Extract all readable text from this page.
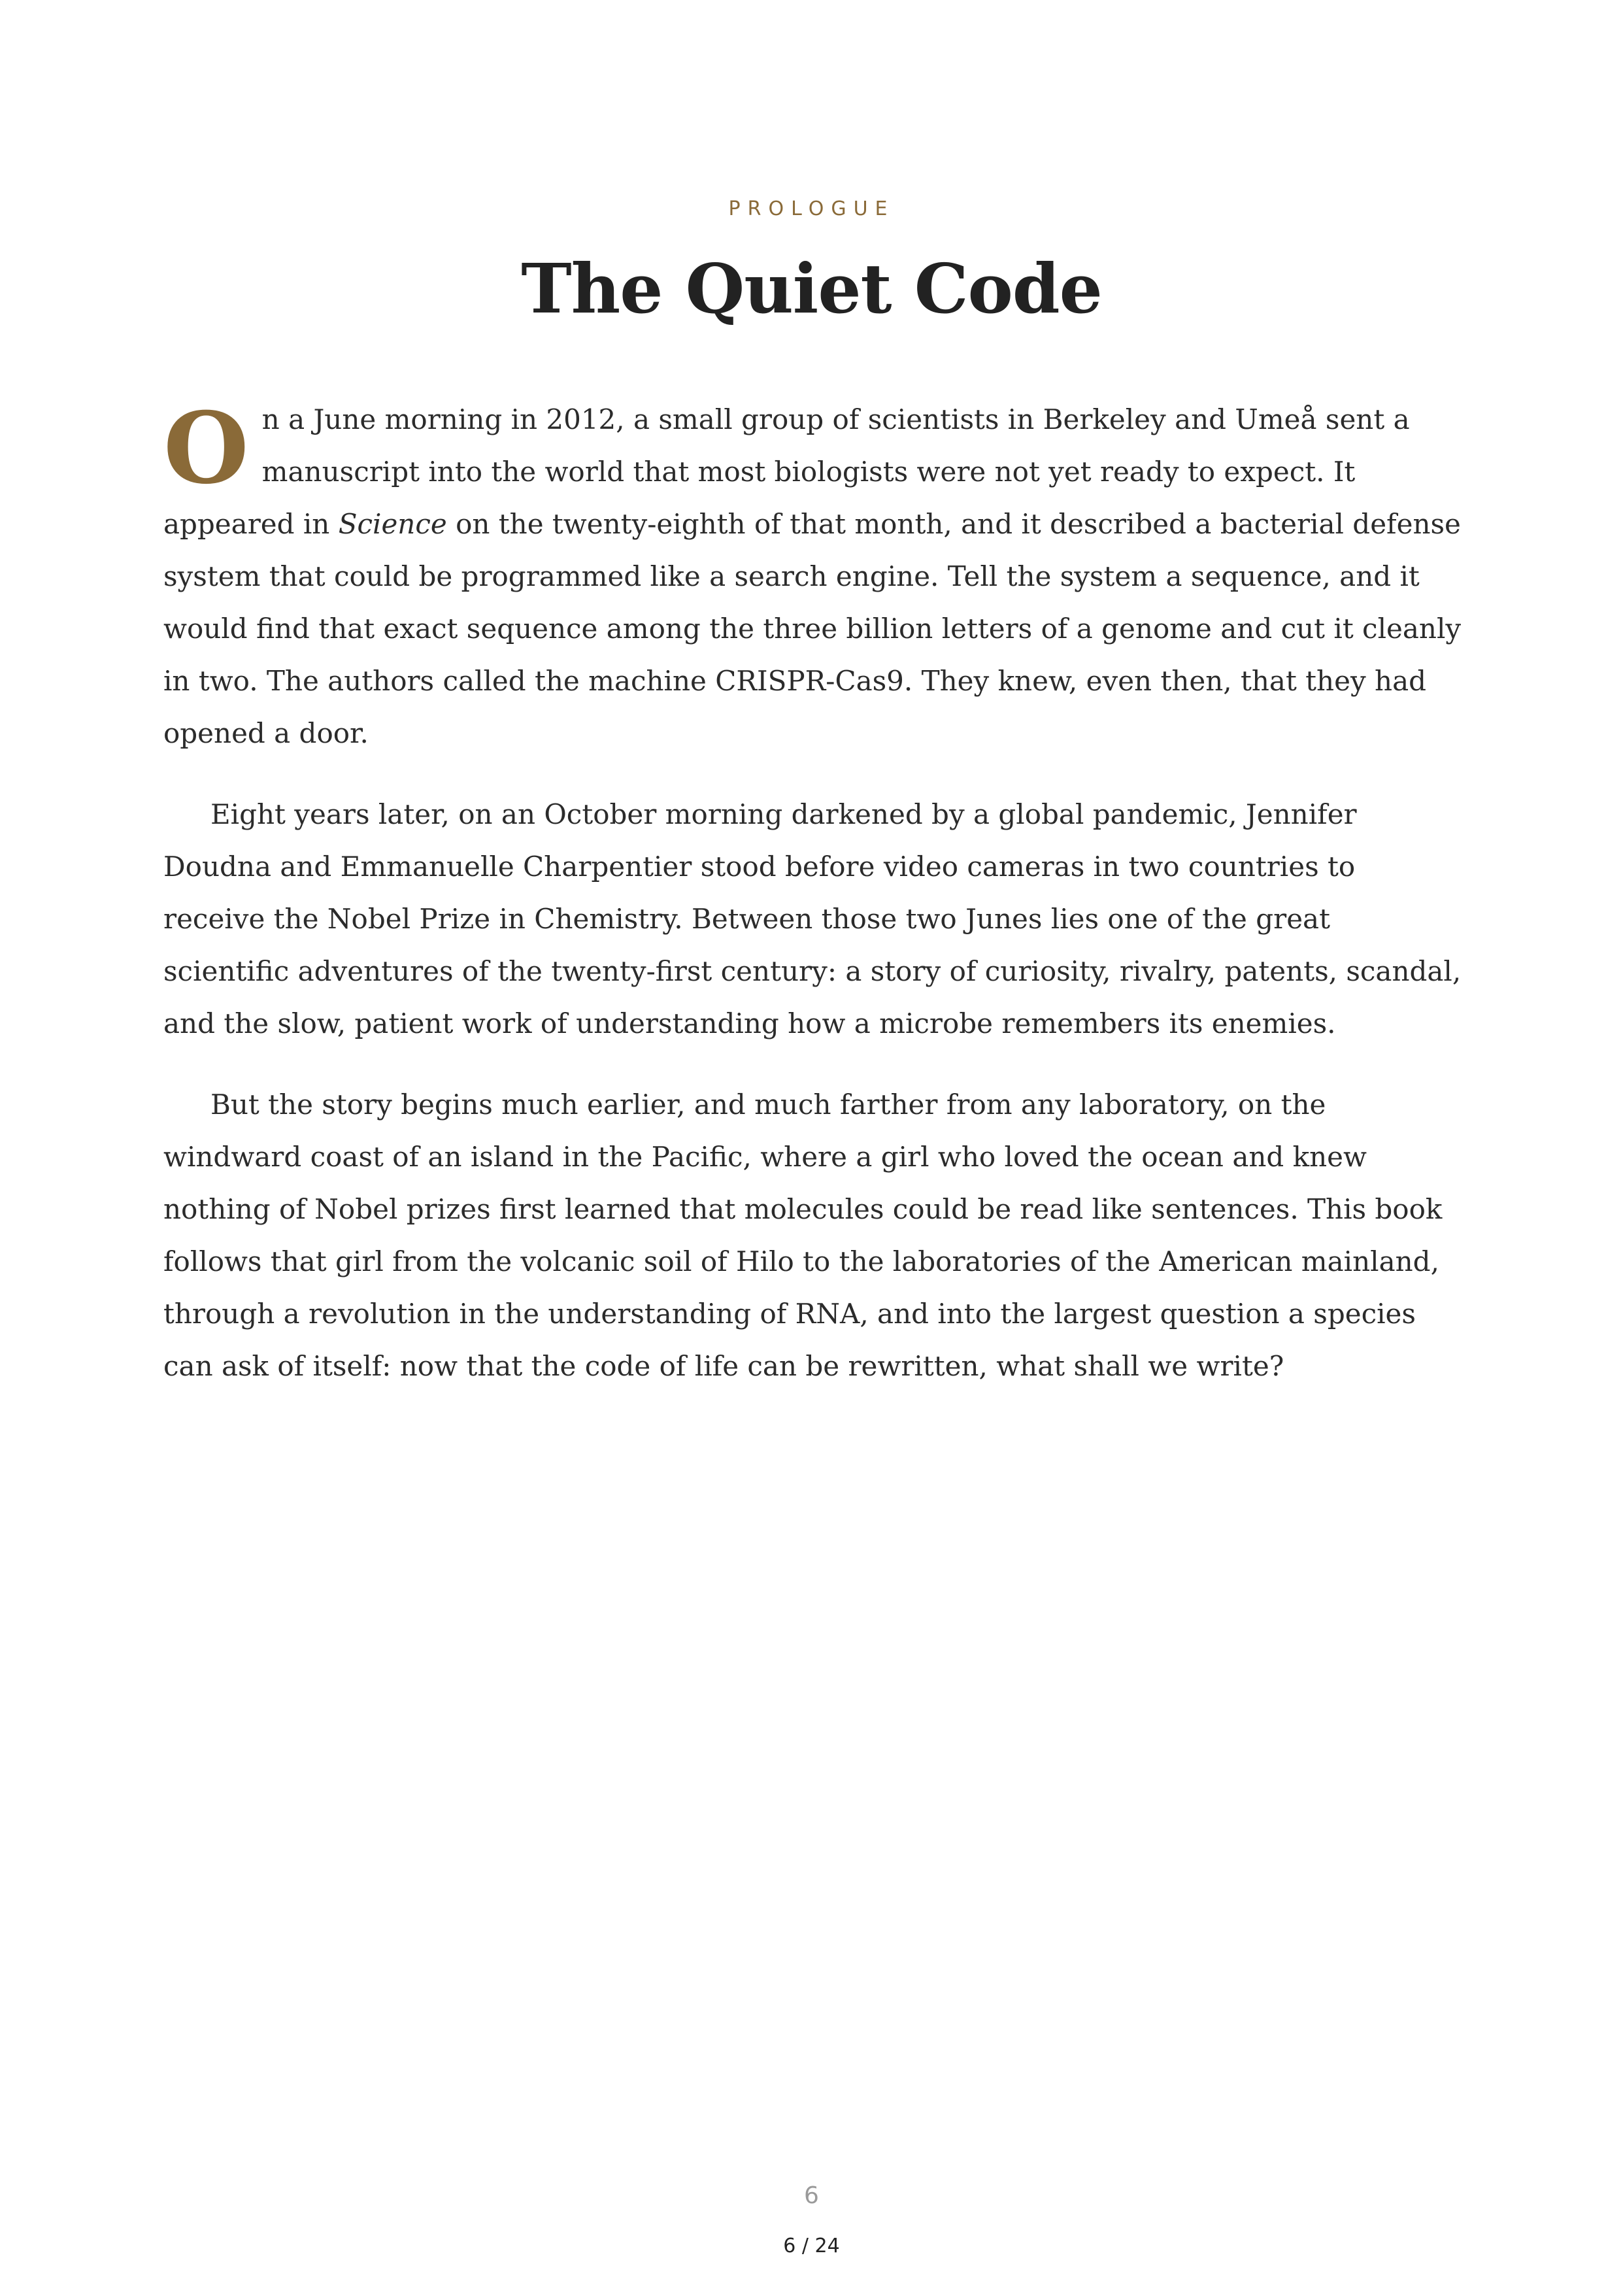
PROLOGUE
The Quiet Code

On a June morning in 2012, a small group of scientists in Berkeley and Umeå sent a manuscript into the world that most biologists were not yet ready to expect. It appeared in Science on the twenty-eighth of that month, and it described a bacterial defense system that could be programmed like a search engine. Tell the system a sequence, and it would find that exact sequence among the three billion letters of a genome and cut it cleanly in two. The authors called the machine CRISPR-Cas9. They knew, even then, that they had opened a door.

Eight years later, on an October morning darkened by a global pandemic, Jennifer Doudna and Emmanuelle Charpentier stood before video cameras in two countries to receive the Nobel Prize in Chemistry. Between those two Junes lies one of the great scientific adventures of the twenty-first century: a story of curiosity, rivalry, patents, scandal, and the slow, patient work of understanding how a microbe remembers its enemies.

But the story begins much earlier, and much farther from any laboratory, on the windward coast of an island in the Pacific, where a girl who loved the ocean and knew nothing of Nobel prizes first learned that molecules could be read like sentences. This book follows that girl from the volcanic soil of Hilo to the laboratories of the American mainland, through a revolution in the understanding of RNA, and into the largest question a species can ask of itself: now that the code of life can be rewritten, what shall we write?

6
6 / 24
